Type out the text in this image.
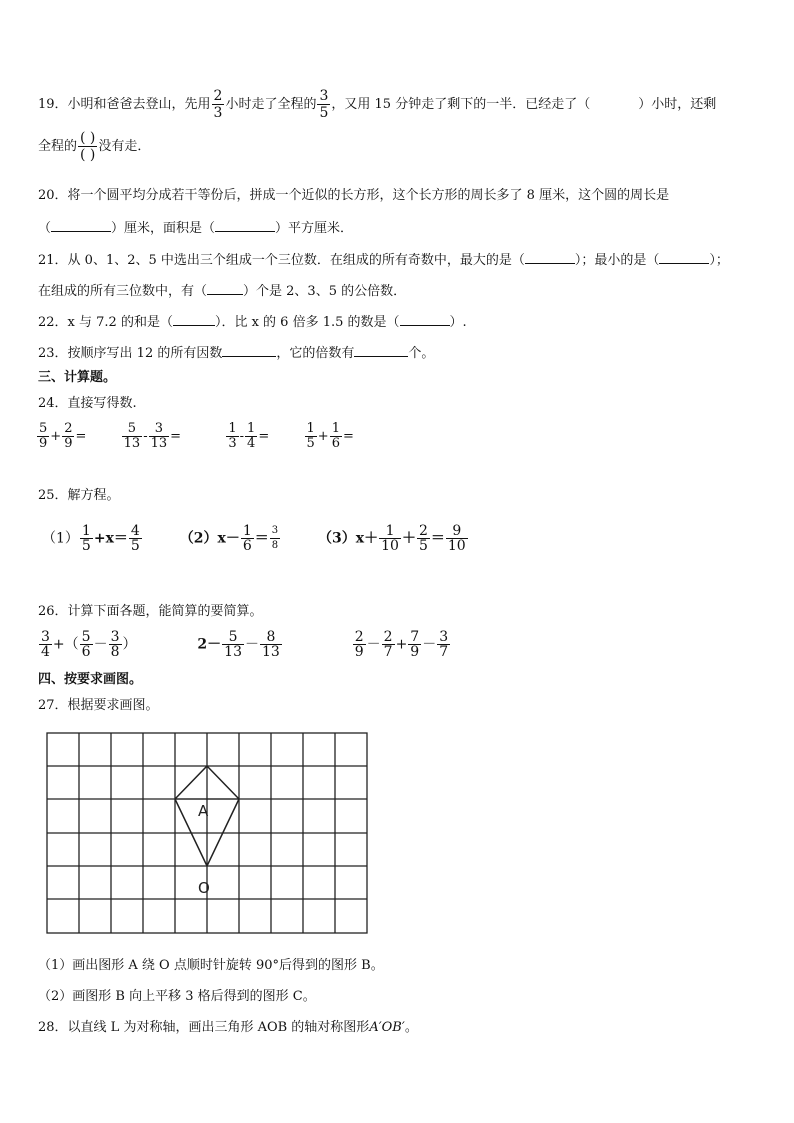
19．小明和爸爸去登山，先用 $\frac{2}{3}$ 小时走了全程的 $\frac{3}{5}$ ，又用 15 分钟走了剩下的一半．已经走了（	）小时，还剩
全程的 $\frac{( )}{( )}$ 没有走．
20．将一个圆平均分成若干等份后，拼成一个近似的长方形，这个长方形的周长多了 8 厘米，这个圆的周长是
（	）厘米，面积是（	）平方厘米．
21．从 0、1、2、5 中选出三个组成一个三位数．在组成的所有奇数中，最大的是（	）；最小的是（	）；
在组成的所有三位数中，有（	）个是 2、3、5 的公倍数．
22．x 与 7.2 的和是（	）．比 x 的 6 倍多 1.5 的数是（	）.
23．按顺序写出 12 的所有因数	，它的倍数有	个。
三、计算题。
24．直接写得数.
$\frac{5}{9} + \frac{2}{9}$ =	$\frac{5}{13} - \frac{3}{13}$ =	$\frac{1}{3} - \frac{1}{4}$ =	$\frac{1}{5} + \frac{1}{6}$ =
25．解方程。
$(1) \frac{1}{5} +x= \frac{4}{5}$	$(2)x- \frac{1}{6} = \frac{3}{8}$	$(3)x+ \frac{1}{10} + \frac{2}{5} = \frac{9}{10}$
26．计算下面各题，能简算的要简算。
$\frac{3}{4}$ +（ $\frac{5}{6} - \frac{3}{8}$ ）	$2- \frac{5}{13} - \frac{8}{13}$
	$\frac{2}{9} - \frac{2}{7} + \frac{7}{9} - \frac{3}{7}$
四、按要求画图。
27．根据要求画图。
A
O
（1）画出图形 A 绕 O 点顺时针旋转 90°后得到的图形 B。
（2）画图形 B 向上平移 3 格后得到的图形 C。
28．以直线 L 为对称轴，画出三角形 AOB 的轴对称图形A′OB′。
